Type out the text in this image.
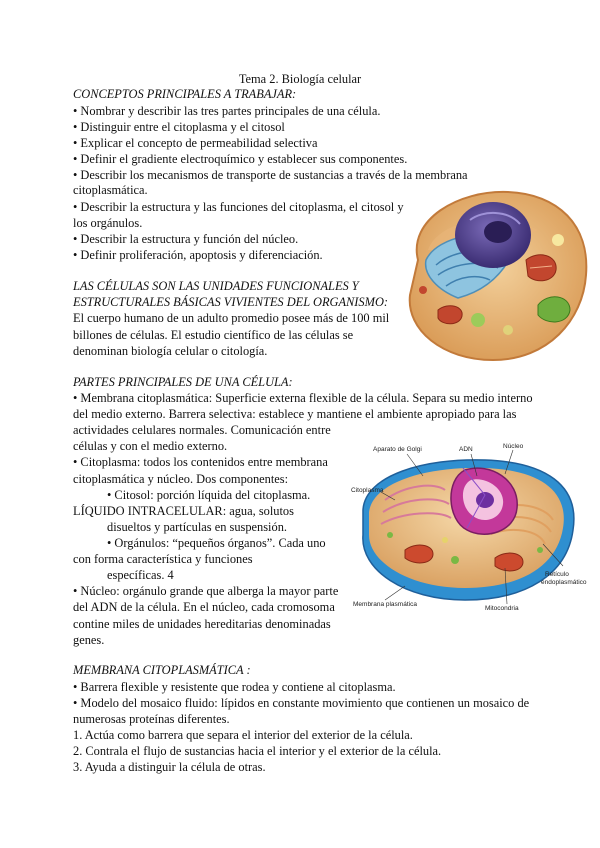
Tema 2. Biología celular
CONCEPTOS PRINCIPALES A TRABAJAR:
• Nombrar y describir las tres partes principales de una célula.
• Distinguir entre el citoplasma y el citosol
• Explicar el concepto de permeabilidad selectiva
• Definir el gradiente electroquímico y establecer sus componentes.
• Describir los mecanismos de transporte de sustancias a través de la membrana
citoplasmática.
• Describir la estructura y las funciones del citoplasma, el citosol y
los orgánulos.
• Describir la estructura y función del núcleo.
• Definir proliferación, apoptosis y diferenciación.
LAS CÉLULAS SON LAS UNIDADES FUNCIONALES Y
ESTRUCTURALES BÁSICAS VIVIENTES DEL ORGANISMO:
El cuerpo humano de un adulto promedio posee más de 100 mil
billones de células. El estudio científico de las células se
denominan biología celular o citología.
PARTES PRINCIPALES DE UNA CÉLULA:
• Membrana citoplasmática: Superficie externa flexible de la célula. Separa su medio interno
del medio externo. Barrera selectiva: establece y mantiene el ambiente apropiado para las
actividades celulares normales. Comunicación entre
células y con el medio externo.
• Citoplasma: todos los contenidos entre membrana
citoplasmática y núcleo. Dos componentes:
• Citosol: porción líquida del citoplasma.
LÍQUIDO INTRACELULAR: agua, solutos
disueltos y partículas en suspensión.
• Orgánulos: “pequeños órganos”. Cada uno
con forma característica y funciones
específicas. 4
• Núcleo: orgánulo grande que alberga la mayor parte
del ADN de la célula. En el núcleo, cada cromosoma
contine miles de unidades hereditarias denominadas
genes.
MEMBRANA CITOPLASMÁTICA :
• Barrera flexible y resistente que rodea y contiene al citoplasma.
• Modelo del mosaico fluido: lípidos en constante movimiento que contienen un mosaico de
numerosas proteínas diferentes.
1. Actúa como barrera que separa el interior del exterior de la célula.
2. Contrala el flujo de sustancias hacia el interior y el exterior de la célula.
3. Ayuda a distinguir la célula de otras.
Aparato de Golgi	ADN	Núcleo
Citoplasma
Retículo
endoplasmático
Membrana plasmática
Mitocondria
